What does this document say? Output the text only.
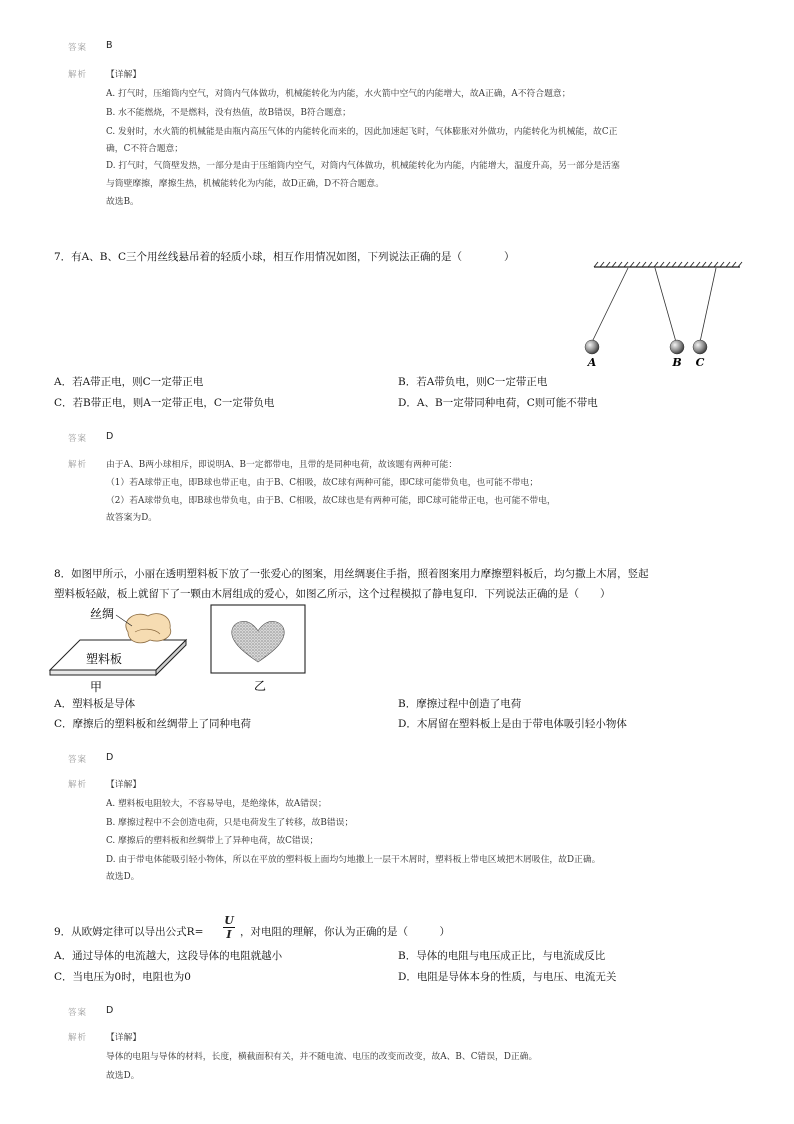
答案 B
解析 【详解】
A. 打气时，压缩筒内空气，对筒内气体做功，机械能转化为内能，水火箭中空气的内能增大，故A正确，A不符合题意；
B. 水不能燃烧，不是燃料，没有热值，故B错误，B符合题意；
C. 发射时，水火箭的机械能是由瓶内高压气体的内能转化而来的，因此加速起飞时，气体膨胀对外做功，内能转化为机械能，故C正
确，C不符合题意；
D. 打气时，气筒壁发热，一部分是由于压缩筒内空气，对筒内气体做功，机械能转化为内能，内能增大，温度升高，另一部分是活塞
与筒壁摩擦，摩擦生热，机械能转化为内能，故D正确，D不符合题意。
故选B。
7．有A、B、C三个用丝线悬吊着的轻质小球，相互作用情况如图，下列说法正确的是（　　　　）
A	B C
A．若A带正电，则C一定带正电	B．若A带负电，则C一定带正电
C．若B带正电，则A一定带正电，C一定带负电	D．A、B一定带同种电荷，C则可能不带电
答案 D
解析 由于A、B两小球相斥，即说明A、B一定都带电，且带的是同种电荷，故该题有两种可能：
（1）若A球带正电，即B球也带正电，由于B、C相吸，故C球有两种可能，即C球可能带负电，也可能不带电；
（2）若A球带负电，即B球也带负电，由于B、C相吸，故C球也是有两种可能，即C球可能带正电，也可能不带电，
故答案为D。
8．如图甲所示，小丽在透明塑料板下放了一张爱心的图案，用丝绸裹住手指，照着图案用力摩擦塑料板后，均匀撒上木屑，竖起
塑料板轻敲，板上就留下了一颗由木屑组成的爱心，如图乙所示，这个过程模拟了静电复印．下列说法正确的是（　　）
丝绸
塑料板
甲	乙
A．塑料板是导体	B．摩擦过程中创造了电荷
C．摩擦后的塑料板和丝绸带上了同种电荷	D．木屑留在塑料板上是由于带电体吸引轻小物体
答案 D
解析 【详解】
A. 塑料板电阻较大，不容易导电，是绝缘体，故A错误；
B. 摩擦过程中不会创造电荷，只是电荷发生了转移，故B错误；
C. 摩擦后的塑料板和丝绸带上了异种电荷，故C错误；
D. 由于带电体能吸引轻小物体，所以在平放的塑料板上面均匀地撒上一层干木屑时，塑料板上带电区域把木屑吸住，故D正确。
故选D。
9．从欧姆定律可以导出公式R=
U
I ，对电阻的理解，你认为正确的是（　　　）
A．通过导体的电流越大，这段导体的电阻就越小	B．导体的电阻与电压成正比，与电流成反比
C．当电压为0时，电阻也为0	D．电阻是导体本身的性质，与电压、电流无关
答案 D
解析 【详解】
导体的电阻与导体的材料，长度，横截面积有关，并不随电流、电压的改变而改变，故A、B、C错误，D正确。
故选D。
